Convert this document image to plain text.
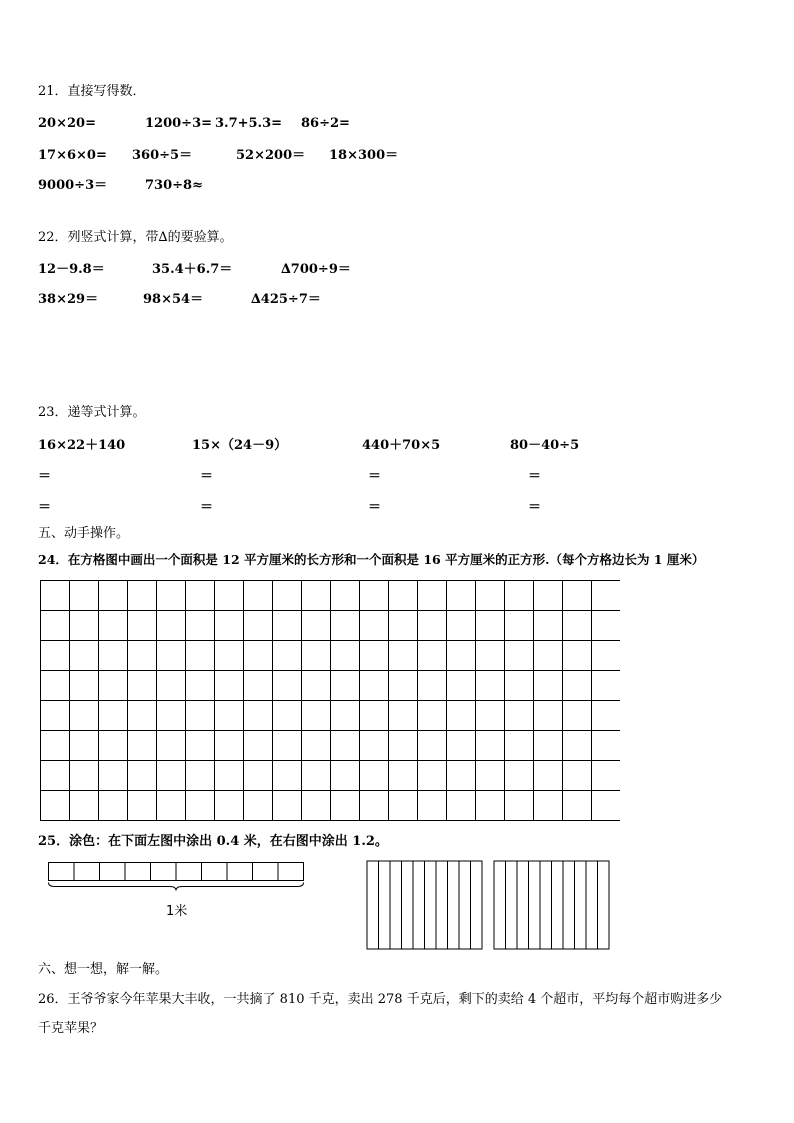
21．直接写得数．
20×20=	1200÷3= 3.7+5.3= 86÷2=
17×6×0= 360÷5＝	52×200＝ 18×300＝
9000÷3＝	730÷8≈
22．列竖式计算，带∆的要验算。
12－9.8＝	35.4＋6.7＝	∆700÷9＝
38×29＝	98×54＝	∆425÷7＝
23．递等式计算。
16×22＋140	15×（24－9）	440＋70×5	80－40÷5
＝	＝	＝	＝
＝	＝	＝	＝
五、动手操作。
24．在方格图中画出一个面积是 12 平方厘米的长方形和一个面积是 16 平方厘米的正方形.（每个方格边长为 1 厘米）
25．涂色：在下面左图中涂出 0.4 米，在右图中涂出 1.2。
1米
六、想一想，解一解。
26．王爷爷家今年苹果大丰收，一共摘了 810 千克，卖出 278 千克后，剩下的卖给 4 个超市，平均每个超市购进多少
千克苹果？
